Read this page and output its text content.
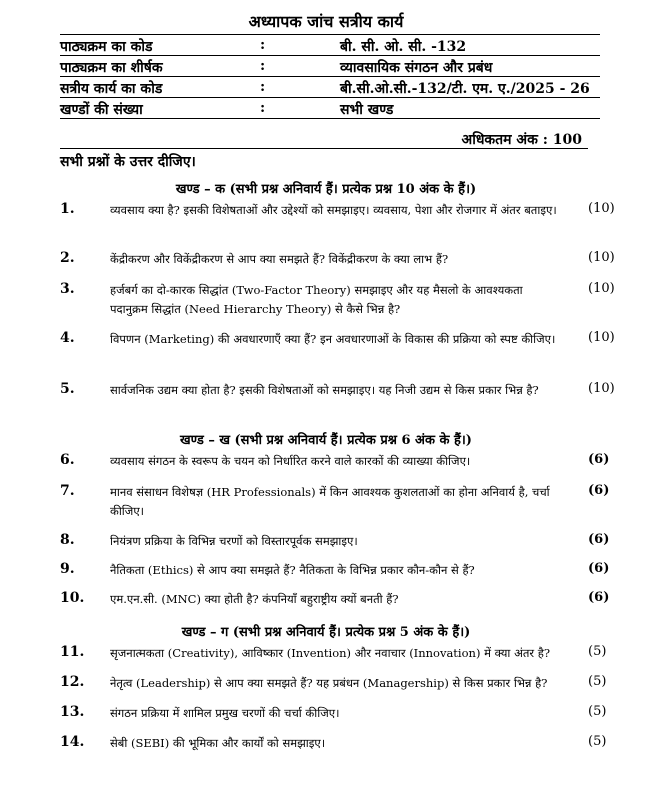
अध्यापक जांच सत्रीय कार्य
पाठ्यक्रम का कोड	:	बी. सी. ओ. सी. -132
पाठ्यक्रम का शीर्षक	:	व्यावसायिक संगठन और प्रबंध
सत्रीय कार्य का कोड	:	बी.सी.ओ.सी.-132/टी. एम. ए./2025 - 26
खण्डों की संख्या	:	सभी खण्ड
अधिकतम अंक : 100
सभी प्रश्नों के उत्तर दीजिए।
खण्ड – क (सभी प्रश्न अनिवार्य हैं। प्रत्येक प्रश्न 10 अंक के हैं।)
1.	व्यवसाय क्या है? इसकी विशेषताओं और उद्देश्यों को समझाइए। व्यवसाय, पेशा और रोजगार में अंतर बताइए। (10)
2.	केंद्रीकरण और विकेंद्रीकरण से आप क्या समझते हैं? विकेंद्रीकरण के क्या लाभ हैं?	(10)
3.	हर्जबर्ग का दो-कारक सिद्धांत (Two-Factor Theory) समझाइए और यह मैसलो के आवश्यकता पदानुक्रम सिद्धांत (Need Hierarchy Theory) से कैसे भिन्न है?
(10)
4.	विपणन (Marketing) की अवधारणाएँ क्या हैं? इन अवधारणाओं के विकास की प्रक्रिया को स्पष्ट कीजिए।	(10)
5.	सार्वजनिक उद्यम क्या होता है? इसकी विशेषताओं को समझाइए। यह निजी उद्यम से किस प्रकार भिन्न है?	(10)
खण्ड – ख (सभी प्रश्न अनिवार्य हैं। प्रत्येक प्रश्न 6 अंक के हैं।)
6.	व्यवसाय संगठन के स्वरूप के चयन को निर्धारित करने वाले कारकों की व्याख्या कीजिए।	(6)
7.	मानव संसाधन विशेषज्ञ (HR Professionals) में किन आवश्यक कुशलताओं का होना अनिवार्य है, चर्चा कीजिए।
(6)
8.	नियंत्रण प्रक्रिया के विभिन्न चरणों को विस्तारपूर्वक समझाइए।	(6)
9.	नैतिकता (Ethics) से आप क्या समझते हैं? नैतिकता के विभिन्न प्रकार कौन-कौन से हैं?	(6)
10. एम.एन.सी. (MNC) क्या होती है? कंपनियाँ बहुराष्ट्रीय क्यों बनती हैं?	(6)
खण्ड – ग (सभी प्रश्न अनिवार्य हैं। प्रत्येक प्रश्न 5 अंक के हैं।)
11. सृजनात्मकता (Creativity), आविष्कार (Invention) और नवाचार (Innovation) में क्या अंतर है?	(5)
12. नेतृत्व (Leadership) से आप क्या समझते हैं? यह प्रबंधन (Managership) से किस प्रकार भिन्न है?	(5)
13. संगठन प्रक्रिया में शामिल प्रमुख चरणों की चर्चा कीजिए।	(5)
14. सेबी (SEBI) की भूमिका और कार्यों को समझाइए।	(5)
